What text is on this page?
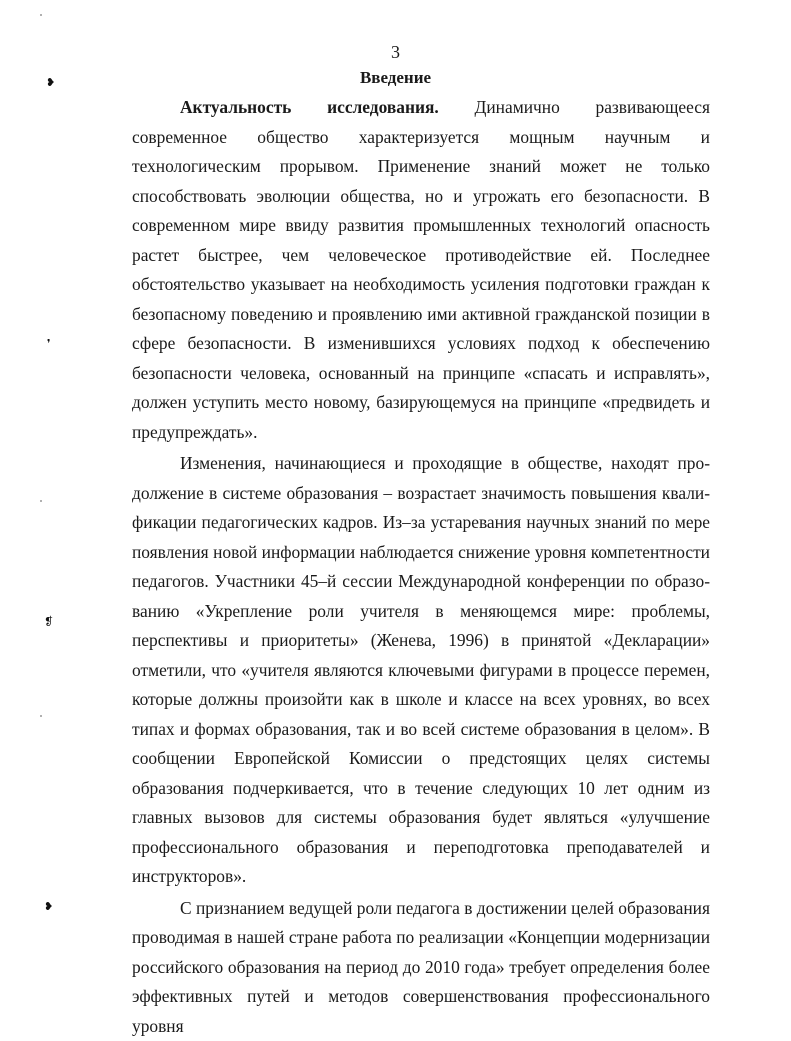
3
Введение

Актуальность исследования. Динамично развивающееся современное общество характеризуется мощным научным и технологическим прорывом. Применение знаний может не только способствовать эволюции общества, но и угрожать его безопасности. В современном мире ввиду развития промышленных технологий опасность растет быстрее, чем человеческое противодействие ей. Последнее обстоятельство указывает на необходимость усиления подготовки граждан к безопасному поведению и проявлению ими активной гражданской позиции в сфере безопасности. В изменившихся условиях подход к обеспечению безопасности человека, основанный на принципе «спасать и исправлять», должен уступить место новому, базирующемуся на принципе «предвидеть и предупреждать».

Изменения, начинающиеся и проходящие в обществе, находят продолжение в системе образования – возрастает значимость повышения квалификации педагогических кадров. Из–за устаревания научных знаний по мере появления новой информации наблюдается снижение уровня компетентности педагогов. Участники 45–й сессии Международной конференции по образованию «Укрепление роли учителя в меняющемся мире: проблемы, перспективы и приоритеты» (Женева, 1996) в принятой «Декларации» отметили, что «учителя являются ключевыми фигурами в процессе перемен, которые должны произойти как в школе и классе на всех уровнях, во всех типах и формах образования, так и во всей системе образования в целом». В сообщении Европейской Комиссии о предстоящих целях системы образования подчеркивается, что в течение следующих 10 лет одним из главных вызовов для системы образования будет являться «улучшение профессионального образования и переподготовка преподавателей и инструкторов».

С признанием ведущей роли педагога в достижении целей образования проводимая в нашей стране работа по реализации «Концепции модернизации российского образования на период до 2010 года» требует определения более эффективных путей и методов совершенствования профессионального уровня

❥
❜
❡
❥
